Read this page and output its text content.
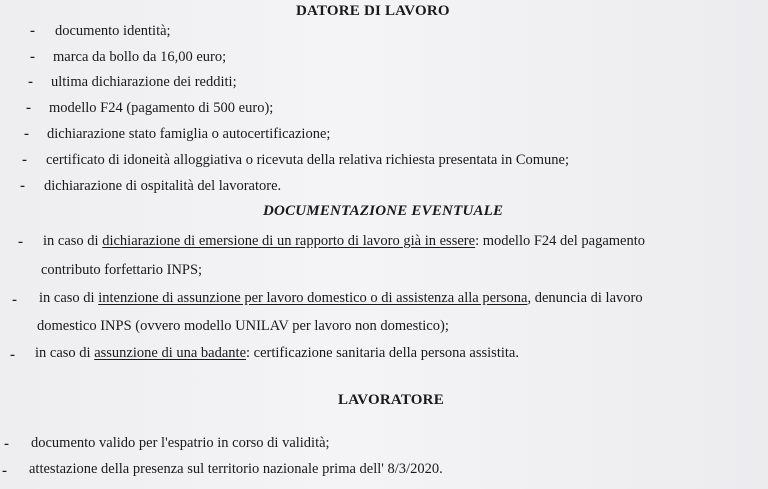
DATORE DI LAVORO
- documento identità;
- marca da bollo da 16,00 euro;
- ultima dichiarazione dei redditi;
- modello F24 (pagamento di 500 euro);
- dichiarazione stato famiglia o autocertificazione;
- certificato di idoneità alloggiativa o ricevuta della relativa richiesta presentata in Comune;
- dichiarazione di ospitalità del lavoratore.
DOCUMENTAZIONE EVENTUALE
- in caso di dichiarazione di emersione di un rapporto di lavoro già in essere: modello F24 del pagamento
contributo forfettario INPS;
- in caso di intenzione di assunzione per lavoro domestico o di assistenza alla persona, denuncia di lavoro
domestico INPS (ovvero modello UNILAV per lavoro non domestico);
- in caso di assunzione di una badante: certificazione sanitaria della persona assistita.
LAVORATORE
- documento valido per l'espatrio in corso di validità;
- attestazione della presenza sul territorio nazionale prima dell' 8/3/2020.
